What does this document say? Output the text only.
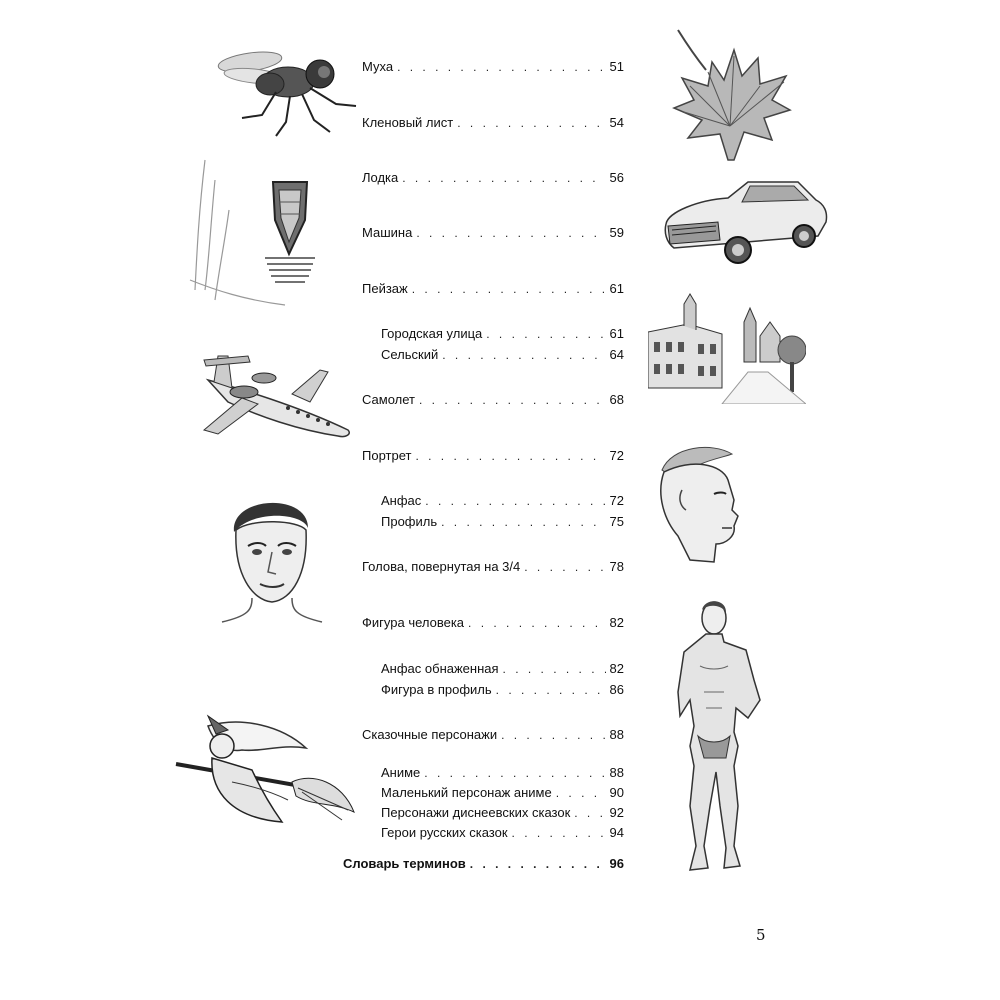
Муха . . .	51
Кленовый лист . . .	54
Лодка . . .	56
Машина . . .	59
Пейзаж . . .	61
Городская улица . . .	61
Сельский . . .	64
Самолет . . .	68
Портрет . . .	72
Анфас . . .	72
Профиль . . .	75
Голова, повернутая на 3/4 . . .	78
Фигура человека . . .	82
Анфас обнаженная . . .	82
Фигура в профиль . . .	86
Сказочные персонажи . . .	88
Аниме . . .	88
Маленький персонаж аниме . . .	90
Персонажи диснеевских сказок . . .	92
Герои русских сказок . . .	94
Словарь терминов . . .	96
5
